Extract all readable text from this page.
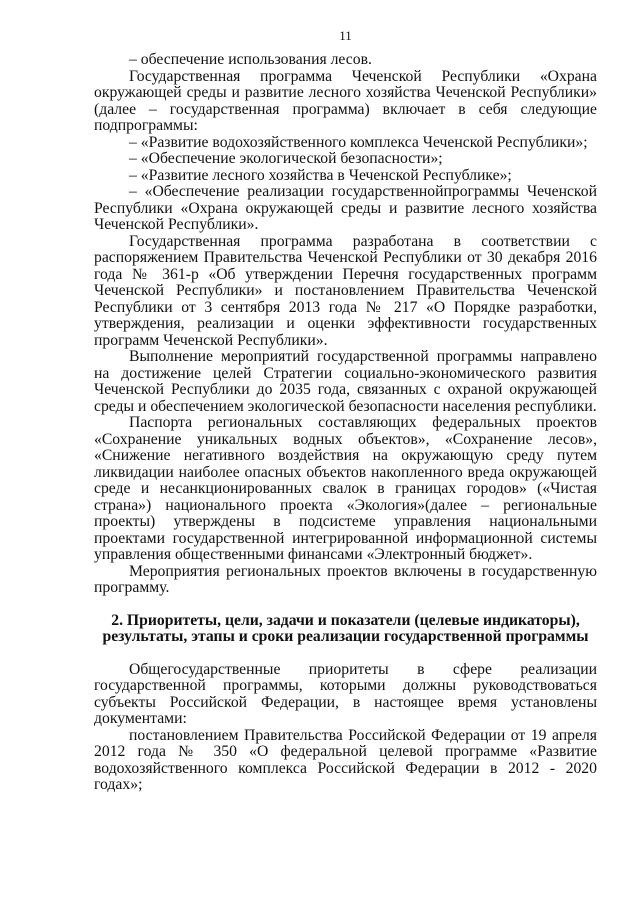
11

– обеспечение использования лесов.

Государственная программа Чеченской Республики «Охрана окружающей среды и развитие лесного хозяйства Чеченской Республики» (далее – государственная программа) включает в себя следующие подпрограммы:

– «Развитие водохозяйственного комплекса Чеченской Республики»;

– «Обеспечение экологической безопасности»;

– «Развитие лесного хозяйства в Чеченской Республике»;

– «Обеспечение реализации государственнойпрограммы Чеченской Республики «Охрана окружающей среды и развитие лесного хозяйства Чеченской Республики».

Государственная программа разработана в соответствии с распоряжением Правительства Чеченской Республики от 30 декабря 2016 года № 361-р «Об утверждении Перечня государственных программ Чеченской Республики» и постановлением Правительства Чеченской Республики от 3 сентября 2013 года № 217 «О Порядке разработки, утверждения, реализации и оценки эффективности государственных программ Чеченской Республики».

Выполнение мероприятий государственной программы направлено на достижение целей Стратегии социально-экономического развития Чеченской Республики до 2035 года, связанных с охраной окружающей среды и обеспечением экологической безопасности населения республики.

Паспорта региональных составляющих федеральных проектов «Сохранение уникальных водных объектов», «Сохранение лесов», «Снижение негативного воздействия на окружающую среду путем ликвидации наиболее опасных объектов накопленного вреда окружающей среде и несанкционированных свалок в границах городов» («Чистая страна») национального проекта «Экология»(далее – региональные проекты) утверждены в подсистеме управления национальными проектами государственной интегрированной информационной системы управления общественными финансами «Электронный бюджет».

Мероприятия региональных проектов включены в государственную программу.

2. Приоритеты, цели, задачи и показатели (целевые индикаторы),
результаты, этапы и сроки реализации государственной программы

Общегосударственные приоритеты в сфере реализации государственной программы, которыми должны руководствоваться субъекты Российской Федерации, в настоящее время установлены документами:

постановлением Правительства Российской Федерации от 19 апреля 2012 года № 350 «О федеральной целевой программе «Развитие водохозяйственного комплекса Российской Федерации в 2012 - 2020 годах»;
